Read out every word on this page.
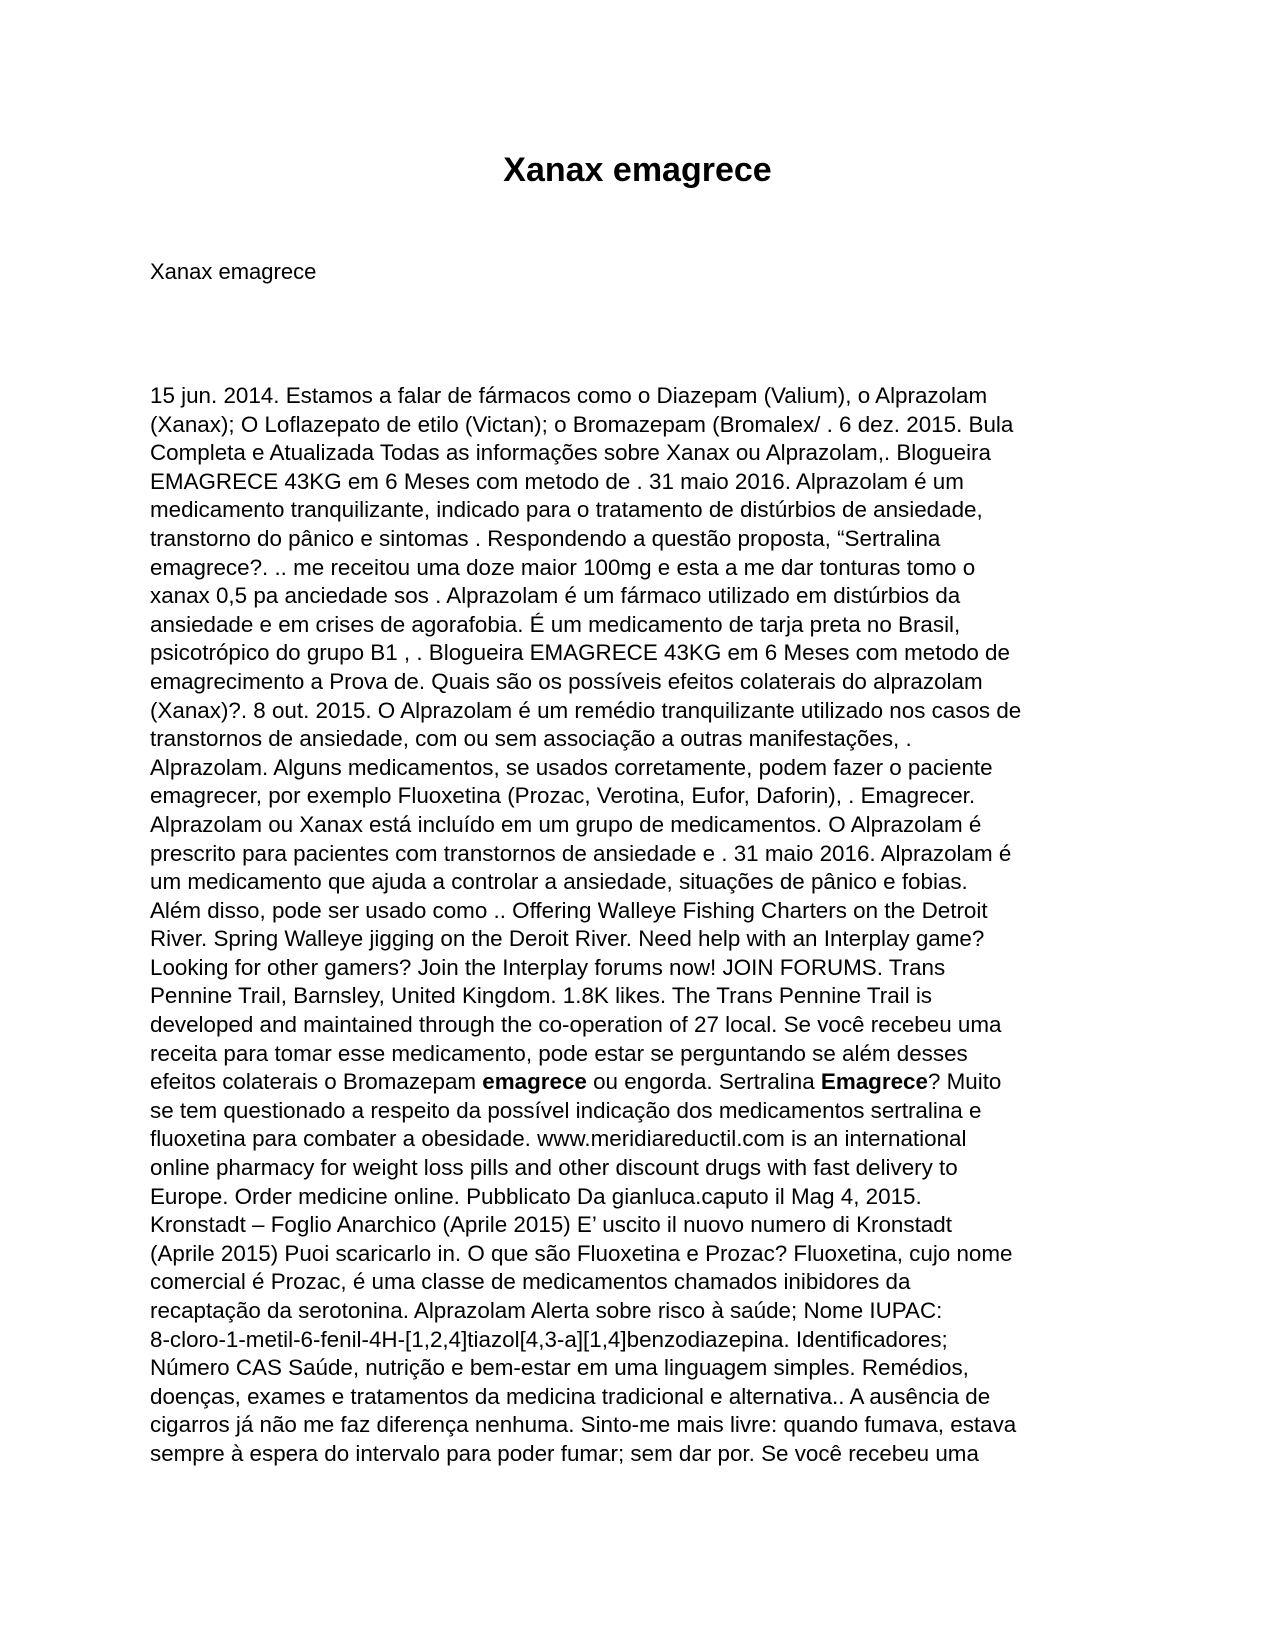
Xanax emagrece

Xanax emagrece

15 jun. 2014. Estamos a falar de fármacos como o Diazepam (Valium), o Alprazolam
(Xanax); O Loflazepato de etilo (Victan); o Bromazepam (Bromalex/ . 6 dez. 2015. Bula
Completa e Atualizada Todas as informações sobre Xanax ou Alprazolam,. Blogueira
EMAGRECE 43KG em 6 Meses com metodo de . 31 maio 2016. Alprazolam é um
medicamento tranquilizante, indicado para o tratamento de distúrbios de ansiedade,
transtorno do pânico e sintomas . Respondendo a questão proposta, “Sertralina
emagrece?. .. me receitou uma doze maior 100mg e esta a me dar tonturas tomo o
xanax 0,5 pa anciedade sos . Alprazolam é um fármaco utilizado em distúrbios da
ansiedade e em crises de agorafobia. É um medicamento de tarja preta no Brasil,
psicotrópico do grupo B1 , . Blogueira EMAGRECE 43KG em 6 Meses com metodo de
emagrecimento a Prova de. Quais são os possíveis efeitos colaterais do alprazolam
(Xanax)?. 8 out. 2015. O Alprazolam é um remédio tranquilizante utilizado nos casos de
transtornos de ansiedade, com ou sem associação a outras manifestações, .
Alprazolam. Alguns medicamentos, se usados corretamente, podem fazer o paciente
emagrecer, por exemplo Fluoxetina (Prozac, Verotina, Eufor, Daforin), . Emagrecer.
Alprazolam ou Xanax está incluído em um grupo de medicamentos. O Alprazolam é
prescrito para pacientes com transtornos de ansiedade e . 31 maio 2016. Alprazolam é
um medicamento que ajuda a controlar a ansiedade, situações de pânico e fobias.
Além disso, pode ser usado como .. Offering Walleye Fishing Charters on the Detroit
River. Spring Walleye jigging on the Deroit River. Need help with an Interplay game?
Looking for other gamers? Join the Interplay forums now! JOIN FORUMS. Trans
Pennine Trail, Barnsley, United Kingdom. 1.8K likes. The Trans Pennine Trail is
developed and maintained through the co-operation of 27 local. Se você recebeu uma
receita para tomar esse medicamento, pode estar se perguntando se além desses
efeitos colaterais o Bromazepam emagrece ou engorda. Sertralina Emagrece? Muito
se tem questionado a respeito da possível indicação dos medicamentos sertralina e
fluoxetina para combater a obesidade. www.meridiareductil.com is an international
online pharmacy for weight loss pills and other discount drugs with fast delivery to
Europe. Order medicine online. Pubblicato Da gianluca.caputo il Mag 4, 2015.
Kronstadt – Foglio Anarchico (Aprile 2015) E’ uscito il nuovo numero di Kronstadt
(Aprile 2015) Puoi scaricarlo in. O que são Fluoxetina e Prozac? Fluoxetina, cujo nome
comercial é Prozac, é uma classe de medicamentos chamados inibidores da
recaptação da serotonina. Alprazolam Alerta sobre risco à saúde; Nome IUPAC:
8-cloro-1-metil-6-fenil-4H-[1,2,4]tiazol[4,3-a][1,4]benzodiazepina. Identificadores;
Número CAS Saúde, nutrição e bem-estar em uma linguagem simples. Remédios,
doenças, exames e tratamentos da medicina tradicional e alternativa.. A ausência de
cigarros já não me faz diferença nenhuma. Sinto-me mais livre: quando fumava, estava
sempre à espera do intervalo para poder fumar; sem dar por. Se você recebeu uma
